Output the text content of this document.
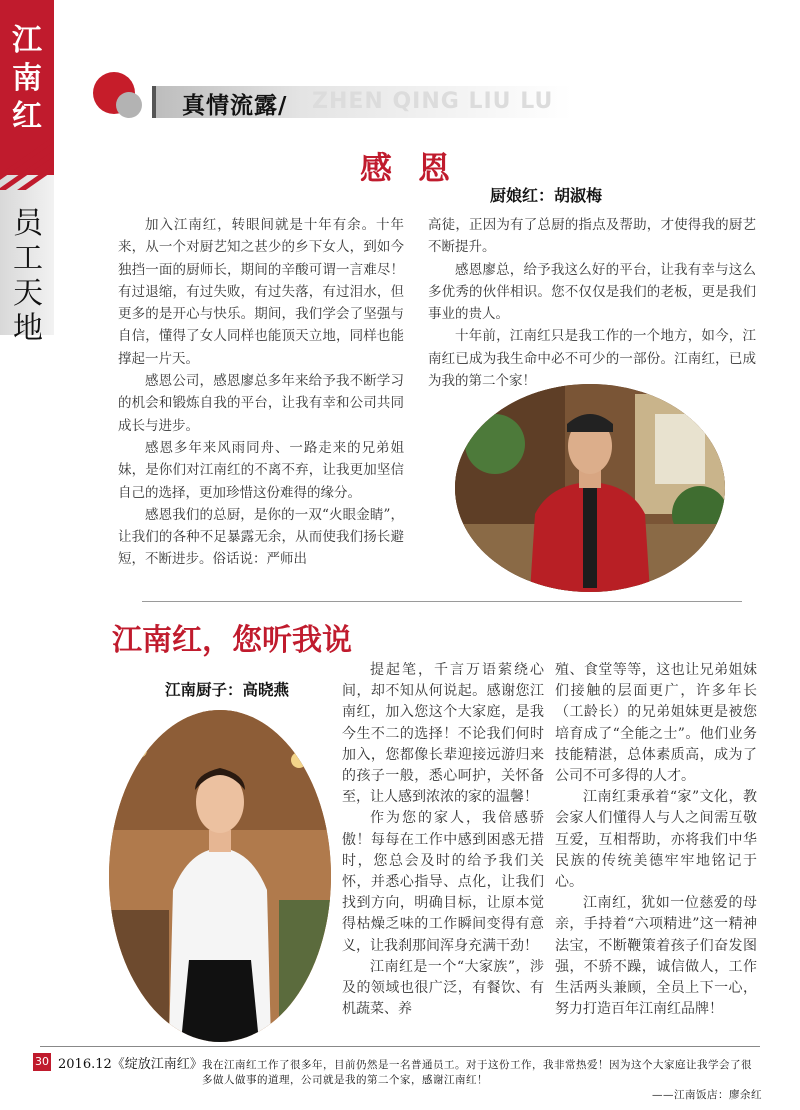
江
南
红
员
工
天
地
真情流露/ ZHEN QING LIU LU
感恩
厨娘红：胡淑梅

加入江南红，转眼间就是十年有余。十年来，从一个对厨艺知之甚少的乡下女人，到如今独挡一面的厨师长，期间的辛酸可谓一言难尽！有过退缩，有过失败，有过失落，有过泪水，但更多的是开心与快乐。期间，我们学会了坚强与自信，懂得了女人同样也能顶天立地，同样也能撑起一片天。

感恩公司，感恩廖总多年来给予我不断学习的机会和锻炼自我的平台，让我有幸和公司共同成长与进步。

感恩多年来风雨同舟、一路走来的兄弟姐妹，是你们对江南红的不离不弃，让我更加坚信自己的选择，更加珍惜这份难得的缘分。

感恩我们的总厨，是你的一双“火眼金睛”，让我们的各种不足暴露无余，从而使我们扬长避短，不断进步。俗话说：严师出

高徒，正因为有了总厨的指点及帮助，才使得我的厨艺不断提升。

感恩廖总，给予我这么好的平台，让我有幸与这么多优秀的伙伴相识。您不仅仅是我们的老板，更是我们事业的贵人。

十年前，江南红只是我工作的一个地方，如今，江南红已成为我生命中必不可少的一部份。江南红，已成为我的第二个家！

江南红，您听我说
江南厨子：高晓燕

提起笔，千言万语萦绕心间，却不知从何说起。感谢您江南红，加入您这个大家庭，是我今生不二的选择！不论我们何时加入，您都像长辈迎接远游归来的孩子一般，悉心呵护，关怀备至，让人感到浓浓的家的温馨！

作为您的家人，我倍感骄傲！每每在工作中感到困惑无措时，您总会及时的给予我们关怀，并悉心指导、点化，让我们找到方向，明确目标，让原本觉得枯燥乏味的工作瞬间变得有意义，让我刹那间浑身充满干劲！

江南红是一个“大家族”，涉及的领域也很广泛，有餐饮、有机蔬菜、养

殖、食堂等等，这也让兄弟姐妹们接触的层面更广，许多年长（工龄长）的兄弟姐妹更是被您培育成了“全能之士”。他们业务技能精湛，总体素质高，成为了公司不可多得的人才。

江南红秉承着“家”文化，教会家人们懂得人与人之间需互敬互爱，互相帮助，亦将我们中华民族的传统美德牢牢地铭记于心。

江南红，犹如一位慈爱的母亲，手持着“六项精进”这一精神法宝，不断鞭策着孩子们奋发图强，不骄不躁，诚信做人，工作生活两头兼顾，全员上下一心，努力打造百年江南红品牌！

30 2016.12《绽放江南红》 我在江南红工作了很多年，目前仍然是一名普通员工。对于这份工作，我非常热爱！因为这个大家庭让我学会了很多做人做事的道理，公司就是我的第二个家，感谢江南红！
——江南饭店：廖余红
